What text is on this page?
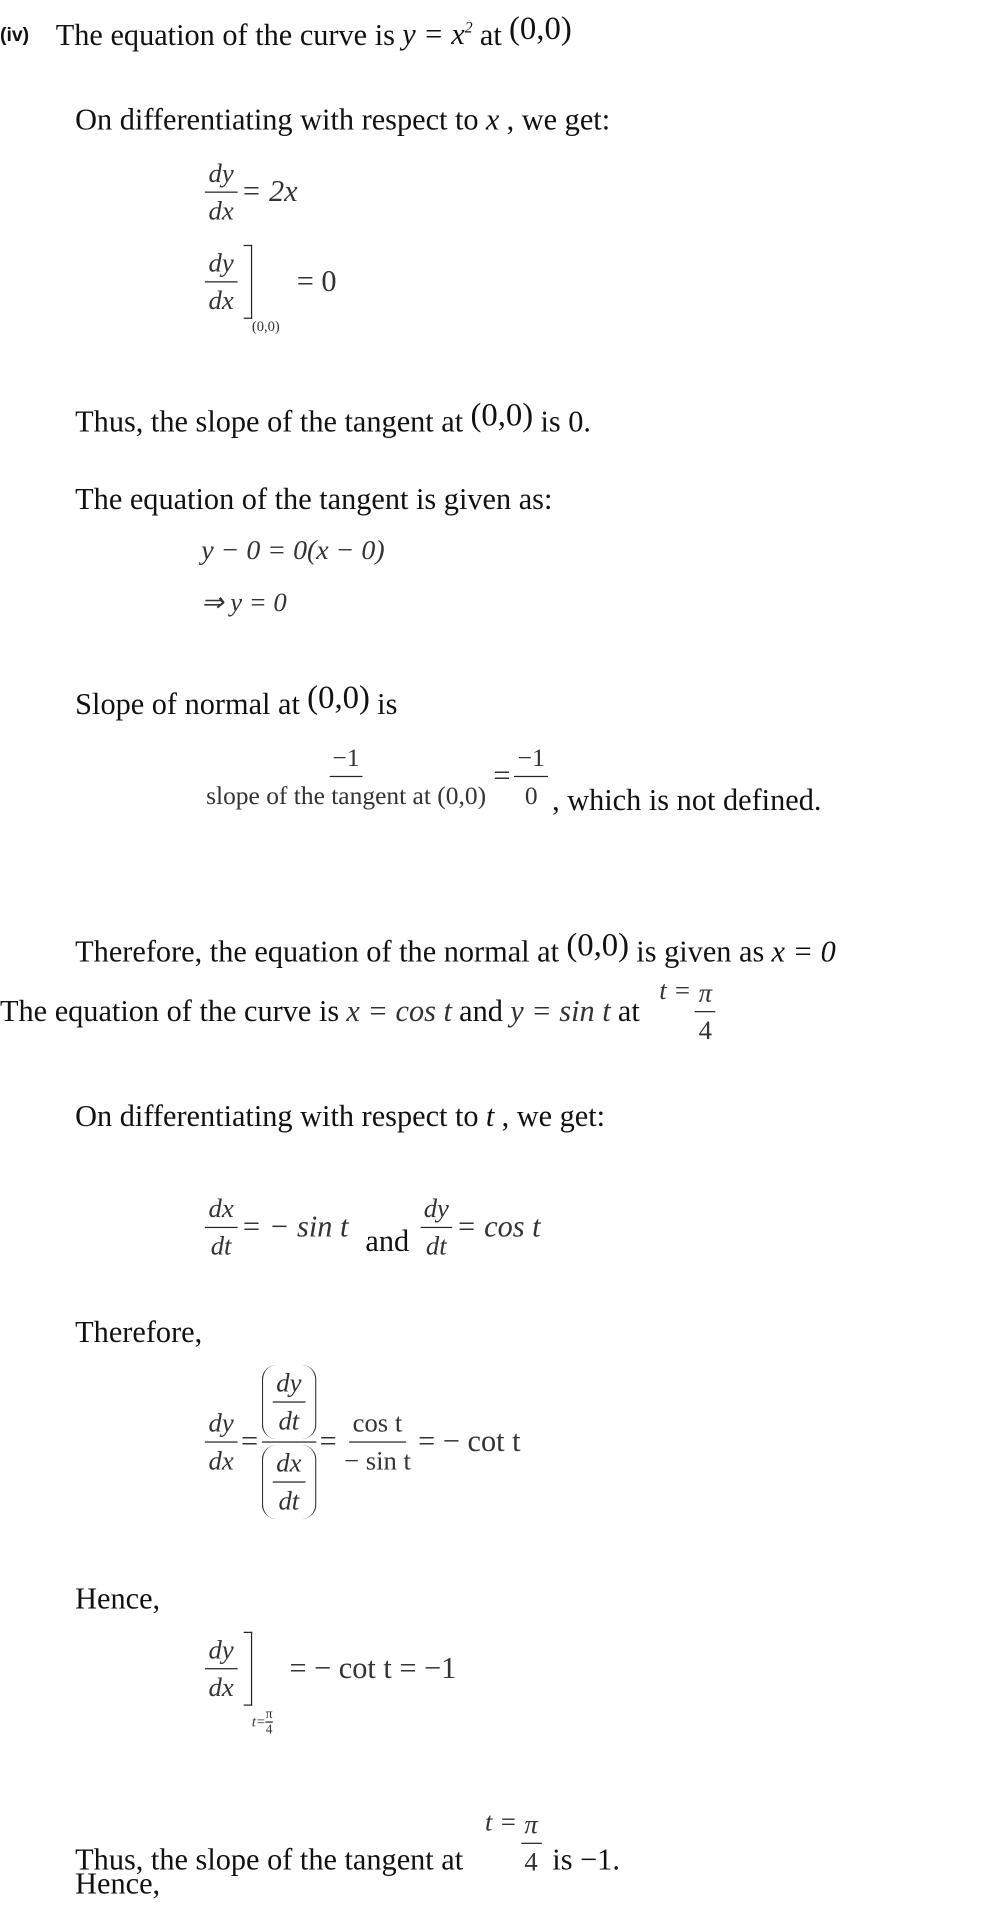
(iv) The equation of the curve is $y = x^2$ at (0,0)
On differentiating with respect to x , we get:
$\frac{dy}{dx} = 2x$
$\frac{dy}{dx}$
(0,0)
= 0
Thus, the slope of the tangent at (0,0) is 0.
The equation of the tangent is given as:
y − 0 = 0(x − 0)
⇒ y = 0
Slope of normal at (0,0) is
$\frac{-1}{\text{slope of the tangent at (0,0)}} = \frac{-1}{0}$ , which is not defined.
Therefore, the equation of the normal at (0,0) is given as x = 0
The equation of the curve is x = cos t and y = sin t at
$t = \frac{\pi}{4}$
On differentiating with respect to t , we get:
$\frac{dx}{dt}$ = − sin t and $\frac{dy}{dt} = \cos t$
Therefore,
$\frac{dy}{dx} = \frac{\frac{dy}{dt}}{\frac{dx}{dt}} = \frac{\text{cos t}}{\text{− sin t}}$ = − cot t
Hence,
$\frac{dy}{dx}$
$t= \frac{\pi}{4}$
= − cot t = −1
Thus, the slope of the tangent at
$t = \frac{\pi}{4}$ is −1.
Hence,
